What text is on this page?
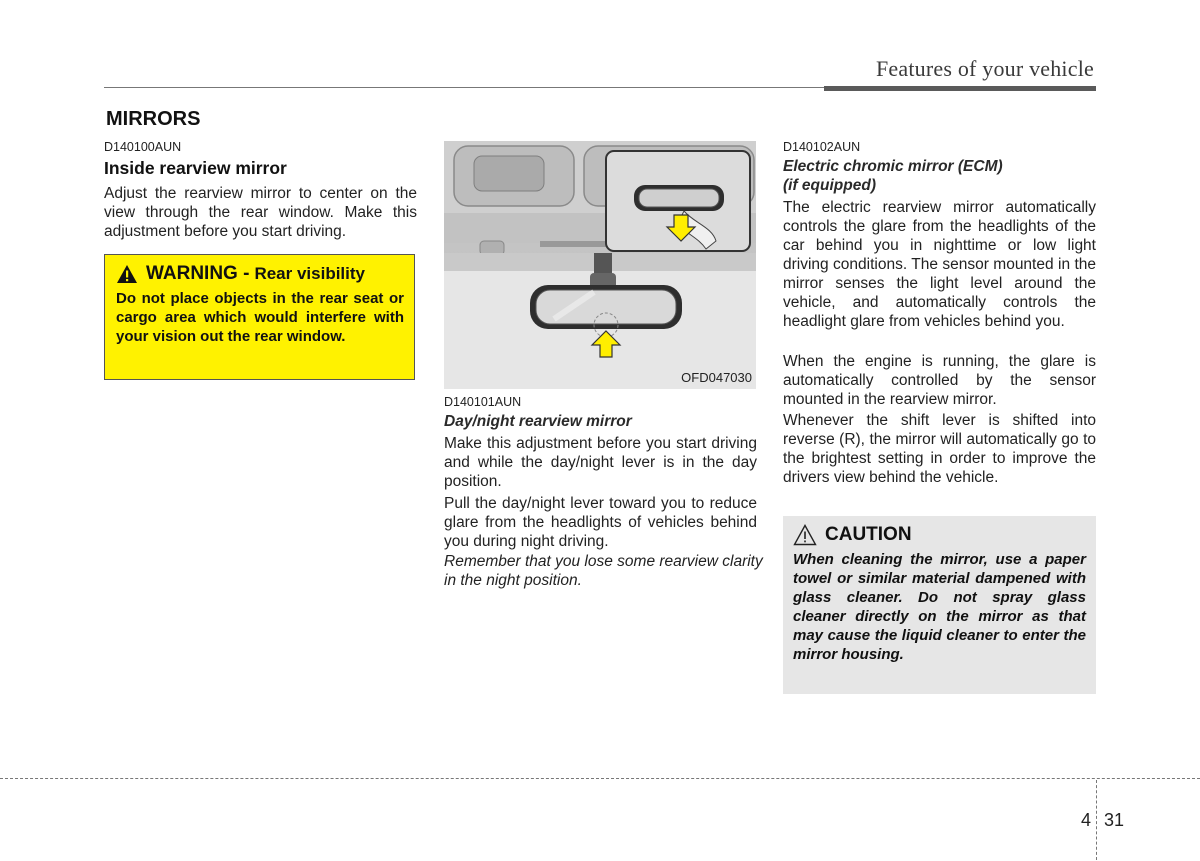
Features of your vehicle
MIRRORS
D140100AUN
Inside rearview mirror

Adjust the rearview mirror to center on the view through the rear window. Make this adjustment before you start driving.

WARNING - Rear visibility

Do not place objects in the rear seat or cargo area which would interfere with your vision out the rear window.

OFD047030
D140101AUN
Day/night rearview mirror

Make this adjustment before you start driving and while the day/night lever is in the day position.

Pull the day/night lever toward you to reduce glare from the headlights of vehicles behind you during night driving.

Remember that you lose some rearview clarity in the night position.

D140102AUN
Electric chromic mirror (ECM)
(if equipped)

The electric rearview mirror automatically controls the glare from the headlights of the car behind you in nighttime or low light driving conditions. The sensor mounted in the mirror senses the light level around the vehicle, and automatically controls the headlight glare from vehicles behind you.

When the engine is running, the glare is automatically controlled by the sensor mounted in the rearview mirror.

Whenever the shift lever is shifted into reverse (R), the mirror will automatically go to the brightest setting in order to improve the drivers view behind the vehicle.

CAUTION

When cleaning the mirror, use a paper towel or similar material dampened with glass cleaner. Do not spray glass cleaner directly on the mirror as that may cause the liquid cleaner to enter the mirror housing.

4 31
